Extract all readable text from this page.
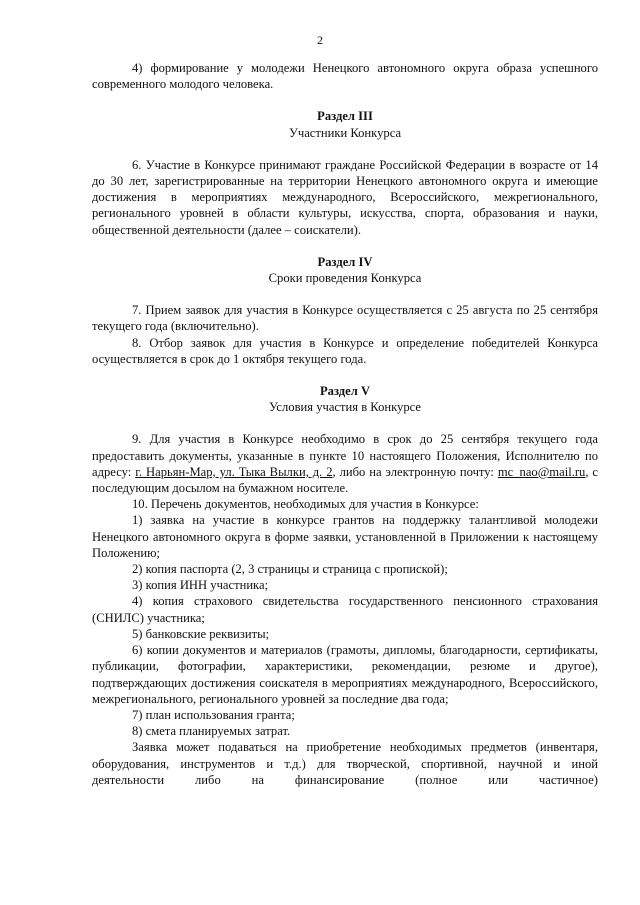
2

4) формирование у молодежи Ненецкого автономного округа образа успешного современного молодого человека.

Раздел III
Участники Конкурса

6. Участие в Конкурсе принимают граждане Российской Федерации в возрасте от 14 до 30 лет, зарегистрированные на территории Ненецкого автономного округа и имеющие достижения в мероприятиях международного, Всероссийского, межрегионального, регионального уровней в области культуры, искусства, спорта, образования и науки, общественной деятельности (далее – соискатели).

Раздел IV
Сроки проведения Конкурса

7. Прием заявок для участия в Конкурсе осуществляется с 25 августа по 25 сентября текущего года (включительно).

8. Отбор заявок для участия в Конкурсе и определение победителей Конкурса осуществляется в срок до 1 октября текущего года.

Раздел V
Условия участия в Конкурсе

9. Для участия в Конкурсе необходимо в срок до 25 сентября текущего года предоставить документы, указанные в пункте 10 настоящего Положения, Исполнителю по адресу: г. Нарьян-Мар, ул. Тыка Вылки, д. 2, либо на электронную почту: mc_nao@mail.ru, с последующим досылом на бумажном носителе.

10. Перечень документов, необходимых для участия в Конкурсе:

1) заявка на участие в конкурсе грантов на поддержку талантливой молодежи Ненецкого автономного округа в форме заявки, установленной в Приложении к настоящему Положению;

2) копия паспорта (2, 3 страницы и страница с пропиской);

3) копия ИНН участника;

4) копия страхового свидетельства государственного пенсионного страхования (СНИЛС) участника;

5) банковские реквизиты;

6) копии документов и материалов (грамоты, дипломы, благодарности, сертификаты, публикации, фотографии, характеристики, рекомендации, резюме и другое), подтверждающих достижения соискателя в мероприятиях международного, Всероссийского, межрегионального, регионального уровней за последние два года;

7) план использования гранта;

8) смета планируемых затрат.

Заявка может подаваться на приобретение необходимых предметов (инвентаря, оборудования, инструментов и т.д.) для творческой, спортивной, научной и иной деятельности либо на финансирование (полное или частичное)
